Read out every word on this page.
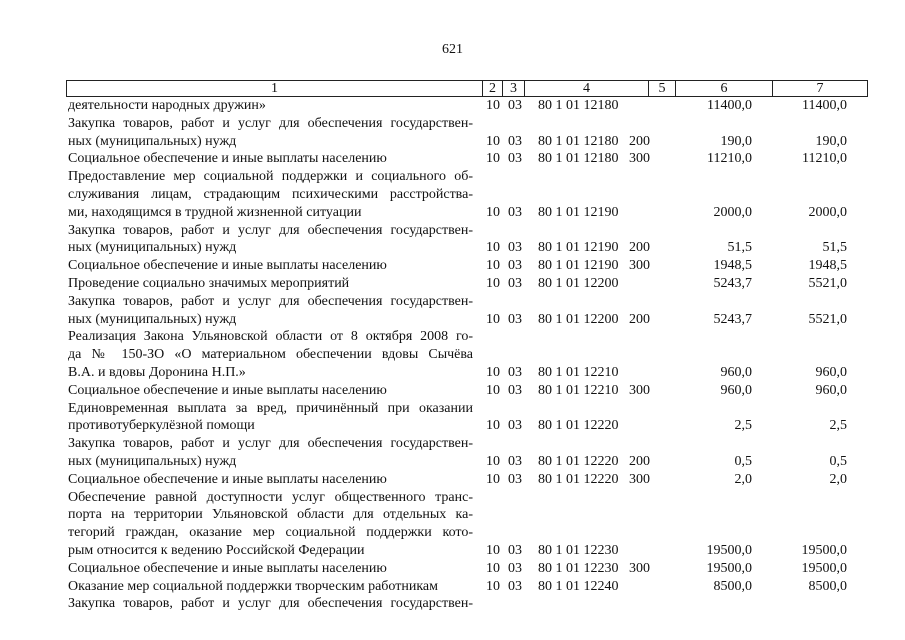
621
1	2	3	4	5	6	7
деятельности народных дружин»	10 03	80 1 01 12180	11400,0	11400,0
Закупка товаров, работ и услуг для обеспечения государствен-
ных (муниципальных) нужд	10 03	80 1 01 12180 200	190,0	190,0
Социальное обеспечение и иные выплаты населению	10 03	80 1 01 12180 300	11210,0	11210,0
Предоставление мер социальной поддержки и социального об-
служивания лицам, страдающим психическими расстройства-
ми, находящимся в трудной жизненной ситуации	10 03	80 1 01 12190	2000,0	2000,0
Закупка товаров, работ и услуг для обеспечения государствен-
ных (муниципальных) нужд	10 03	80 1 01 12190 200	51,5	51,5
Социальное обеспечение и иные выплаты населению	10 03	80 1 01 12190 300	1948,5	1948,5
Проведение социально значимых мероприятий	10 03	80 1 01 12200	5243,7	5521,0
Закупка товаров, работ и услуг для обеспечения государствен-
ных (муниципальных) нужд	10 03	80 1 01 12200 200	5243,7	5521,0
Реализация Закона Ульяновской области от 8 октября 2008 го-
да № 150-ЗО «О материальном обеспечении вдовы Сычёва
В.А. и вдовы Доронина Н.П.»	10 03	80 1 01 12210	960,0	960,0
Социальное обеспечение и иные выплаты населению	10 03	80 1 01 12210 300	960,0	960,0
Единовременная выплата за вред, причинённый при оказании
противотуберкулёзной помощи	10 03	80 1 01 12220	2,5	2,5
Закупка товаров, работ и услуг для обеспечения государствен-
ных (муниципальных) нужд	10 03	80 1 01 12220 200	0,5	0,5
Социальное обеспечение и иные выплаты населению	10 03	80 1 01 12220 300	2,0	2,0
Обеспечение равной доступности услуг общественного транс-
порта на территории Ульяновской области для отдельных ка-
тегорий граждан, оказание мер социальной поддержки кото-
рым относится к ведению Российской Федерации	10 03	80 1 01 12230	19500,0	19500,0
Социальное обеспечение и иные выплаты населению	10 03	80 1 01 12230 300	19500,0	19500,0
Оказание мер социальной поддержки творческим работникам	10 03	80 1 01 12240	8500,0	8500,0
Закупка товаров, работ и услуг для обеспечения государствен-
